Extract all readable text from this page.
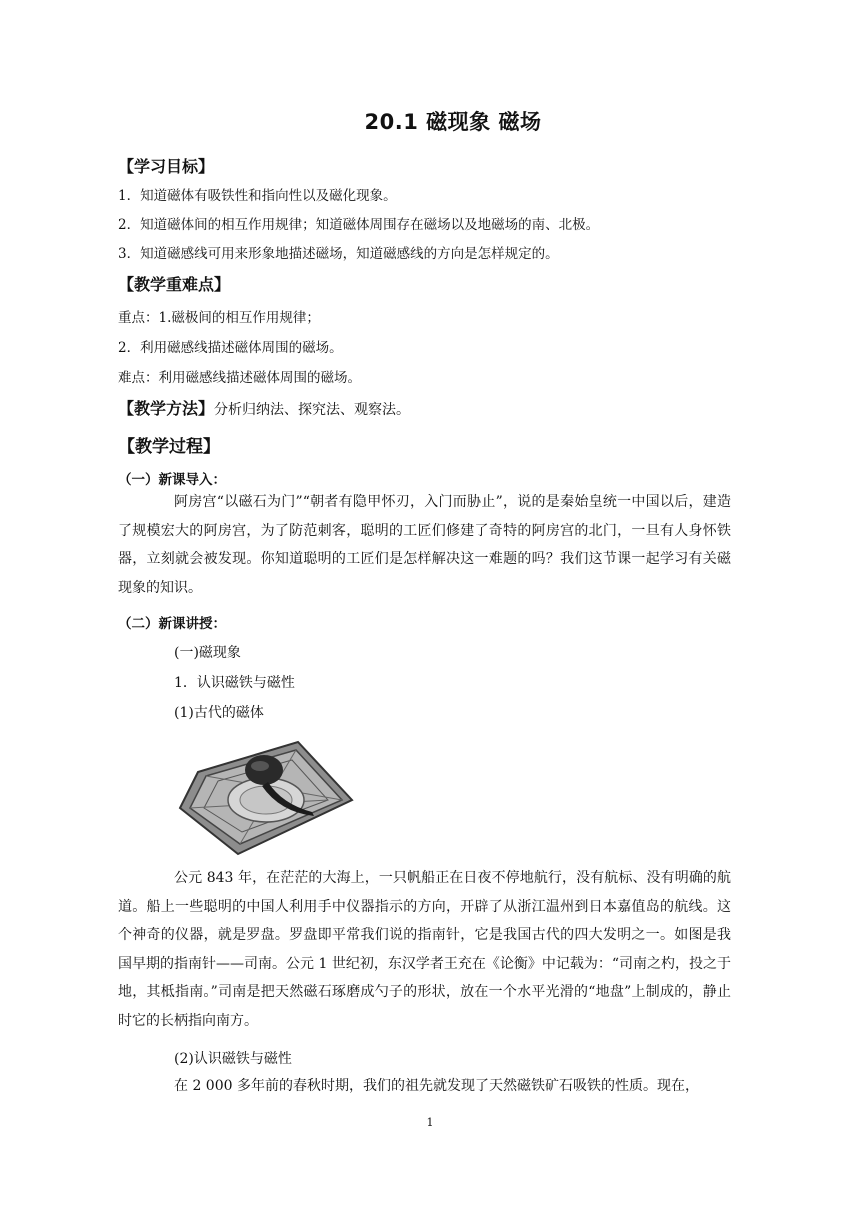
20.1 磁现象 磁场
【学习目标】
1．知道磁体有吸铁性和指向性以及磁化现象。
2．知道磁体间的相互作用规律；知道磁体周围存在磁场以及地磁场的南、北极。
3．知道磁感线可用来形象地描述磁场，知道磁感线的方向是怎样规定的。
【教学重难点】
重点：1.磁极间的相互作用规律；
2．利用磁感线描述磁体周围的磁场。
难点：利用磁感线描述磁体周围的磁场。
【教学方法】分析归纳法、探究法、观察法。
【教学过程】
（一）新课导入：
阿房宫“以磁石为门”“朝者有隐甲怀刃，入门而胁止”，说的是秦始皇统一中国以后，建造了规模宏大的阿房宫，为了防范刺客，聪明的工匠们修建了奇特的阿房宫的北门，一旦有人身怀铁器，立刻就会被发现。你知道聪明的工匠们是怎样解决这一难题的吗？我们这节课一起学习有关磁现象的知识。
（二）新课讲授：
(一)磁现象
1．认识磁铁与磁性
(1)古代的磁体
公元 843 年，在茫茫的大海上，一只帆船正在日夜不停地航行，没有航标、没有明确的航道。船上一些聪明的中国人利用手中仪器指示的方向，开辟了从浙江温州到日本嘉值岛的航线。这个神奇的仪器，就是罗盘。罗盘即平常我们说的指南针，它是我国古代的四大发明之一。如图是我国早期的指南针——司南。公元 1 世纪初，东汉学者王充在《论衡》中记载为：“司南之杓，投之于地，其柢指南。”司南是把天然磁石琢磨成勺子的形状，放在一个水平光滑的“地盘”上制成的，静止时它的长柄指向南方。
(2)认识磁铁与磁性
在 2 000 多年前的春秋时期，我们的祖先就发现了天然磁铁矿石吸铁的性质。现在，
1
